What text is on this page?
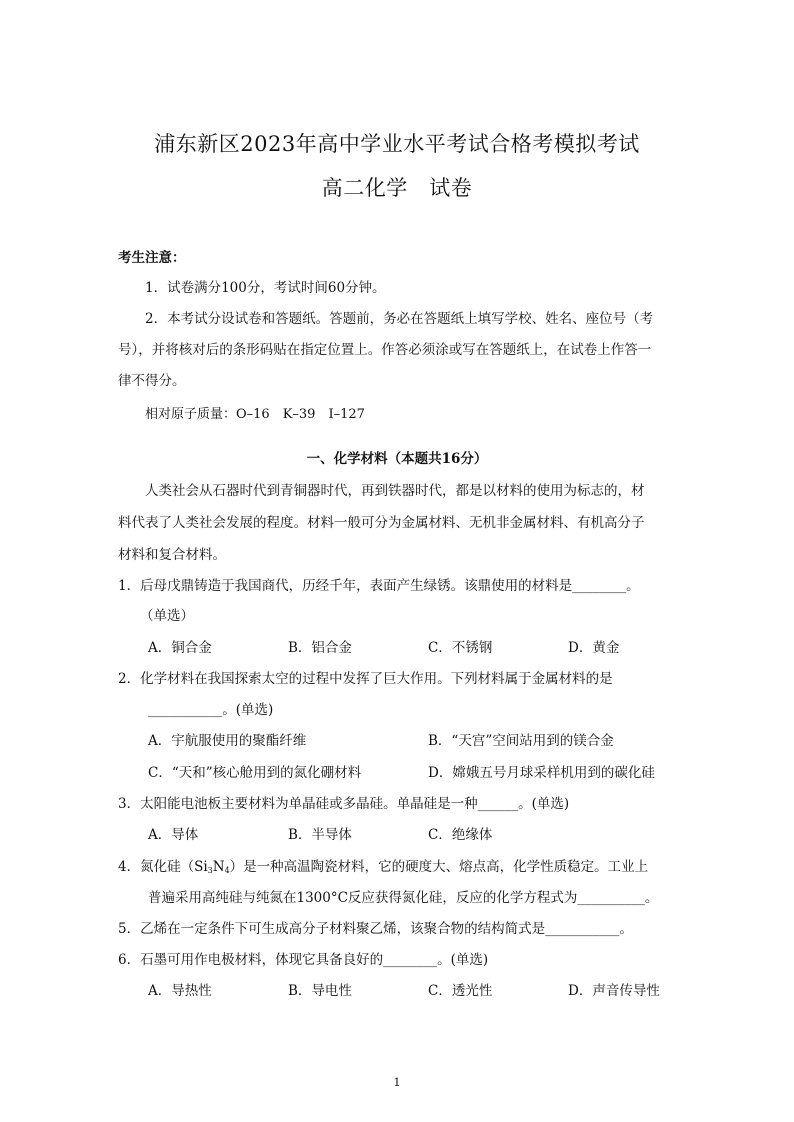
浦东新区2023年高中学业水平考试合格考模拟考试
高二化学　试卷
考生注意：
1．试卷满分100分，考试时间60分钟。
2．本考试分设试卷和答题纸。答题前，务必在答题纸上填写学校、姓名、座位号（考
号），并将核对后的条形码贴在指定位置上。作答必须涂或写在答题纸上，在试卷上作答一
律不得分。
相对原子质量：O–16　K–39　I–127
一、化学材料（本题共16分）
人类社会从石器时代到青铜器时代，再到铁器时代，都是以材料的使用为标志的，材
料代表了人类社会发展的程度。材料一般可分为金属材料、无机非金属材料、有机高分子
材料和复合材料。
1．后母戊鼎铸造于我国商代，历经千年，表面产生绿锈。该鼎使用的材料是________。
（单选）
A．铜合金	B．铝合金	C．不锈钢	D．黄金
2．化学材料在我国探索太空的过程中发挥了巨大作用。下列材料属于金属材料的是
___________。(单选)
A．宇航服使用的聚酯纤维	B．“天宫”空间站用到的镁合金
C．“天和”核心舱用到的氮化硼材料	D．嫦娥五号月球采样机用到的碳化硅
3．太阳能电池板主要材料为单晶硅或多晶硅。单晶硅是一种______。(单选)
A．导体	B．半导体	C．绝缘体
4．氮化硅$(Si_3N_4)$是一种高温陶瓷材料，它的硬度大、熔点高，化学性质稳定。工业上
普遍采用高纯硅与纯氮在1300°C反应获得氮化硅，反应的化学方程式为__________。
5．乙烯在一定条件下可生成高分子材料聚乙烯，该聚合物的结构简式是___________。
6．石墨可用作电极材料，体现它具备良好的________。(单选)
A．导热性	B．导电性	C．透光性	D．声音传导性
1
